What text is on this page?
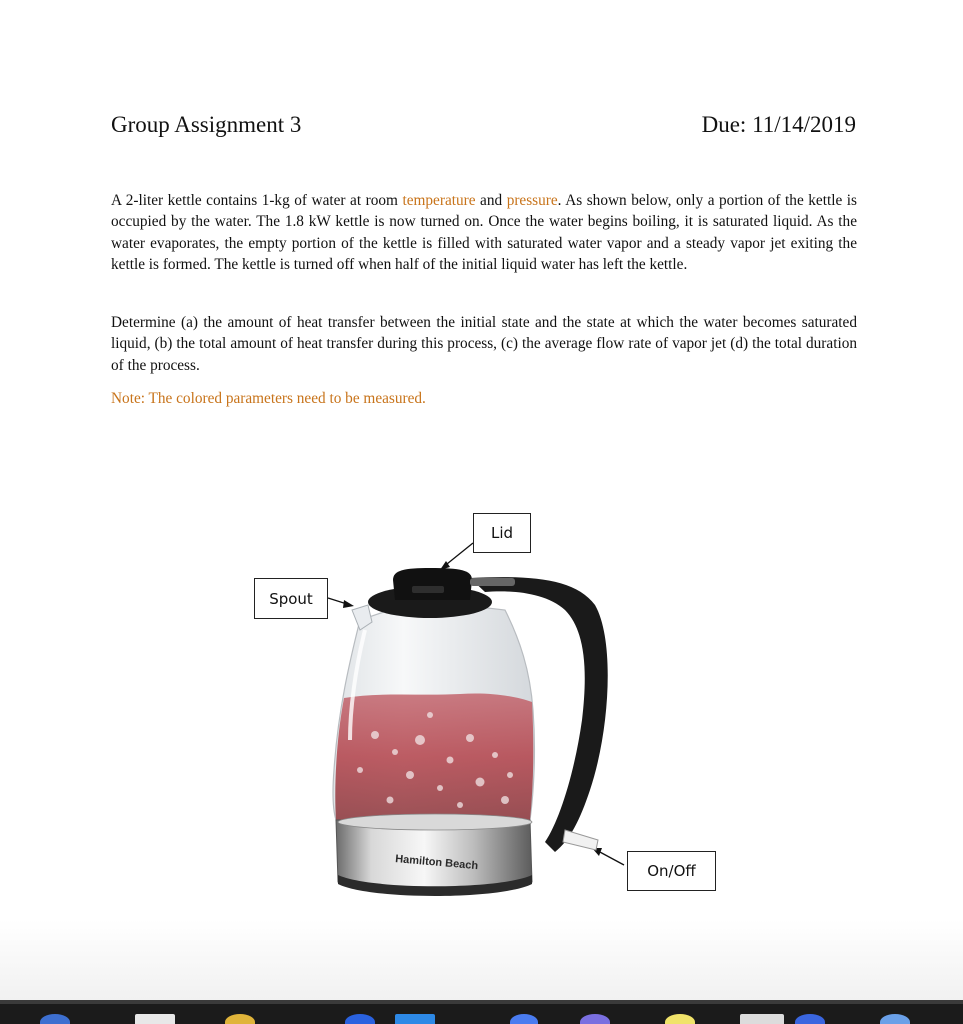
Group Assignment 3	Due: 11/14/2019

A 2-liter kettle contains 1-kg of water at room temperature and pressure. As shown below, only a portion of the kettle is occupied by the water. The 1.8 kW kettle is now turned on. Once the water begins boiling, it is saturated liquid. As the water evaporates, the empty portion of the kettle is filled with saturated water vapor and a steady vapor jet exiting the kettle is formed. The kettle is turned off when half of the initial liquid water has left the kettle.

Determine (a) the amount of heat transfer between the initial state and the state at which the water becomes saturated liquid, (b) the total amount of heat transfer during this process, (c) the average flow rate of vapor jet (d) the total duration of the process.

Note: The colored parameters need to be measured.
Hamilton Beach
Lid
Spout
On/Off
